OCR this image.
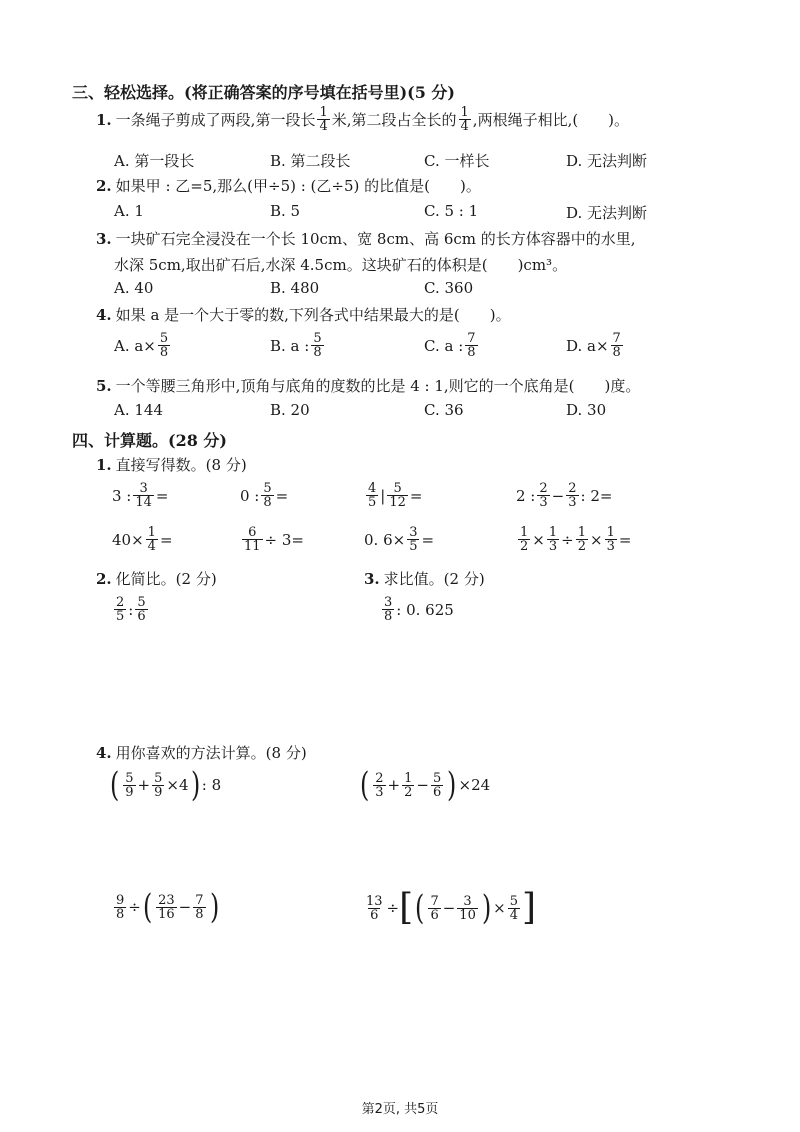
三、轻松选择。(将正确答案的序号填在括号里)(5 分)
1. 一条绳子剪成了两段,第一段长 $\frac{1}{4}$ 米,第二段占全长的 $\frac{1}{4}$ ,两根绳子相比,(　　)。
A. 第一段长	B. 第二段长	C. 一样长	D. 无法判断
2. 如果甲 : 乙=5,那么(甲÷5) : (乙÷5) 的比值是(　　)。
A. 1	B. 5	C. 5 : 1	D. 无法判断
3. 一块矿石完全浸没在一个长 10cm、宽 8cm、高 6cm 的长方体容器中的水里,
水深 5cm,取出矿石后,水深 4.5cm。这块矿石的体积是(　　)cm³。
A. 40	B. 480	C. 360
4. 如果 a 是一个大于零的数,下列各式中结果最大的是(　　)。
A. $a\times \frac{5}{8}$	B. a : $\frac{5}{8}$	C. a : $\frac{7}{8}$	D. $a\times \frac{7}{8}$
5. 一个等腰三角形中,顶角与底角的度数的比是 4 : 1,则它的一个底角是(　　)度。
A. 144	B. 20	C. 36	D. 30
四、计算题。(28 分)
1. 直接写得数。(8 分)
3 : $\frac{3}{14}$ =	0 : $\frac{5}{8}$ =	$\frac{4}{5}$ | $\frac{5}{12}$ =	2 : $\frac{2}{3} - \frac{2}{3}$ : 2=
$40\times \frac{1}{4}$ =	$\frac{6}{11} \div 3=$	0. $6\times \frac{3}{5}$ =	$\frac{1}{2} \times \frac{1}{3} \div \frac{1}{2} \times \frac{1}{3}$ =
2. 化简比。(2 分)	3. 求比值。(2 分)
$\frac{2}{5}$ : $\frac{5}{6}$	$\frac{3}{8}$ : 0. 625
4. 用你喜欢的方法计算。(8 分)
( $\frac{5}{9} + \frac{5}{9} \times 4$ ) : 8	( $\frac{2}{3} + \frac{1}{2} - \frac{5}{6}$ ) ×24
$\frac{9}{8}$ ÷ ( $\frac{23}{16} - \frac{7}{8}$ )	$\frac{13}{6}$ ÷ [ ( $\frac{7}{6} - \frac{3}{10}$ ) × $\frac{5}{4}$ ]
第2页, 共5页
